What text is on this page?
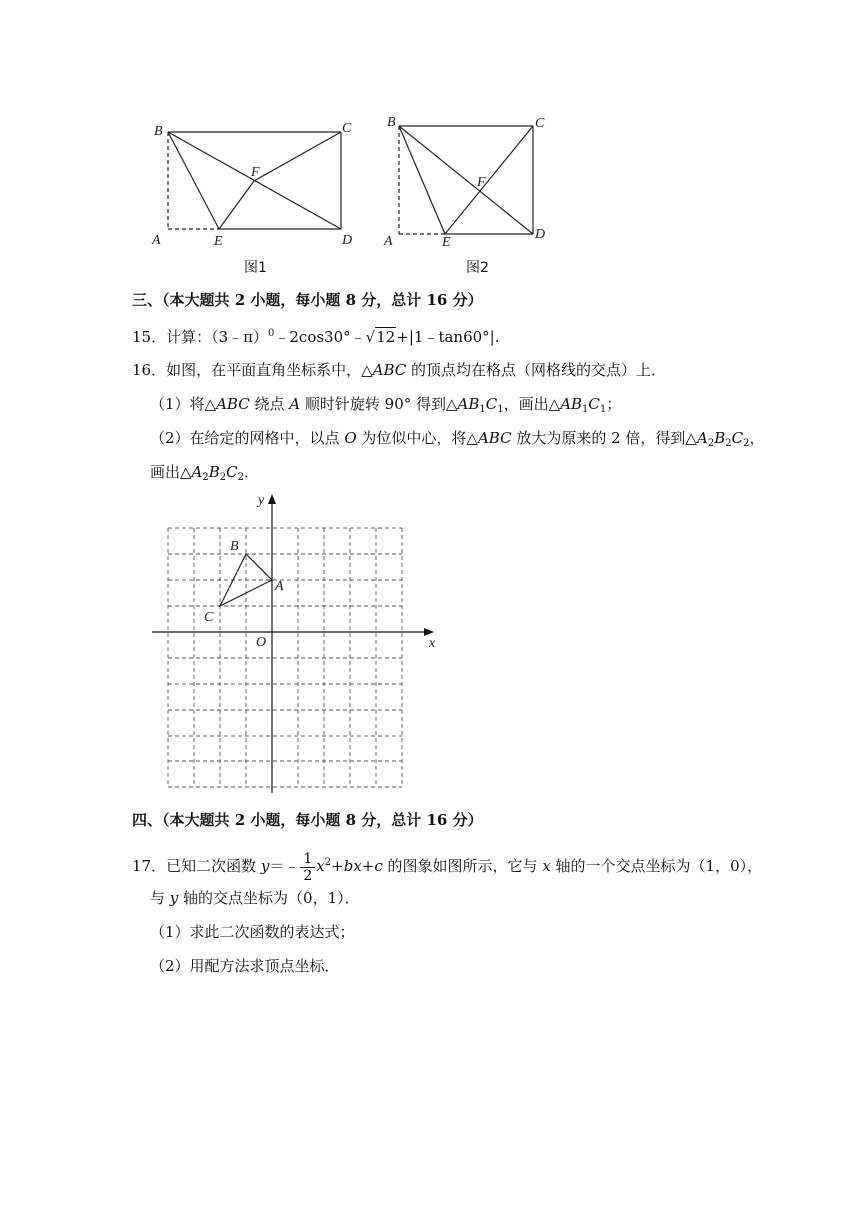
B	C
F
A	E	D
图1
B	C
F
A	E
D
图2
三、（本大题共 2 小题，每小题 8 分，总计 16 分）
15．计算：（3﹣π）$^0$﹣2cos30°﹣√12+|1﹣tan60°|.
16．如图，在平面直角坐标系中，△ABC 的顶点均在格点（网格线的交点）上．
（1）将△ABC 绕点 A 顺时针旋转 90° 得到$\triangle AB_1C_1$，画出$\triangle AB_1C_1$；
（2）在给定的网格中，以点 O 为位似中心，将△ABC 放大为原来的 2 倍，得到$\triangle A_2B_2C_2$，
画出$\triangle A_2B_2C_2$．
y
x
O
B
A
C
四、（本大题共 2 小题，每小题 8 分，总计 16 分）
17．已知二次函数 y＝﹣ $\frac{1}{2} x^2+bx+c$ 的图象如图所示，它与 x 轴的一个交点坐标为（1，0），
与 y 轴的交点坐标为（0，1）．
（1）求此二次函数的表达式；
（2）用配方法求顶点坐标．
